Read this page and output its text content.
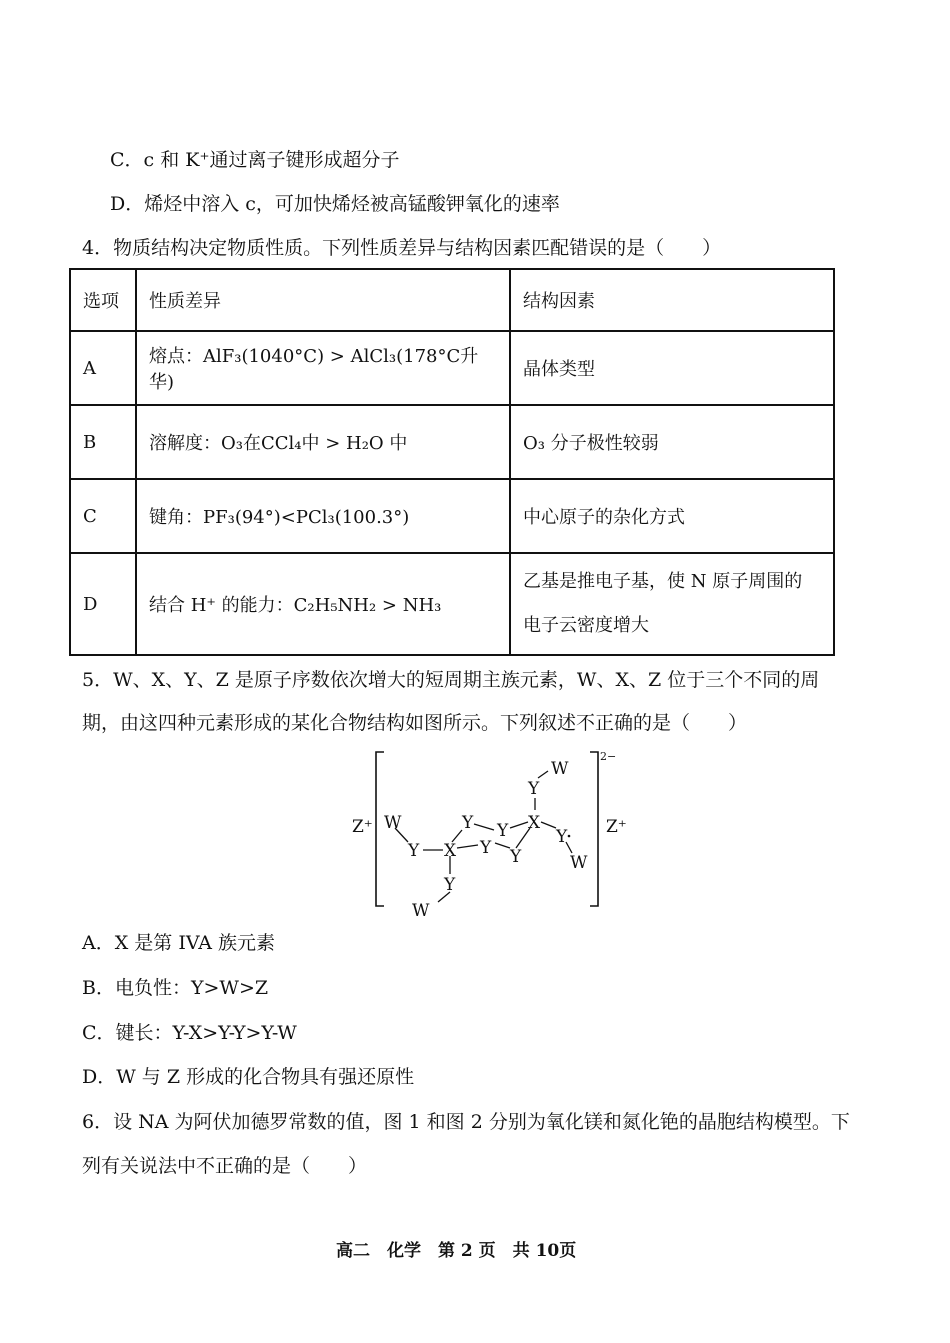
C．c 和 K⁺通过离子键形成超分子
D．烯烃中溶入 c，可加快烯烃被高锰酸钾氧化的速率
4．物质结构决定物质性质。下列性质差异与结构因素匹配错误的是（　　）
选项	性质差异	结构因素
A	熔点：AlF₃(1040°C) > AlCl₃(178°C升华)	晶体类型
B	溶解度：O₃在CCl₄中 > H₂O 中	O₃ 分子极性较弱
C	键角：PF₃(94°)<PCl₃(100.3°)	中心原子的杂化方式
D	结合 H⁺ 的能力：C₂H₅NH₂ > NH₃	乙基是推电子基，使 N 原子周围的
电子云密度增大
5．W、X、Y、Z 是原子序数依次增大的短周期主族元素，W、X、Z 位于三个不同的周
期，由这四种元素形成的某化合物结构如图所示。下列叙述不正确的是（　　）
Z⁺	Z⁺
2−
W
Y
W
Y
X
Y
Y
X
Y
Y
Y
W
W
Y
A．X 是第 IVA 族元素
B．电负性：Y>W>Z
C．键长：Y-X>Y-Y>Y-W
D．W 与 Z 形成的化合物具有强还原性
6．设 NA 为阿伏加德罗常数的值，图 1 和图 2 分别为氧化镁和氮化铯的晶胞结构模型。下
列有关说法中不正确的是（　　）
高二　化学　第 2 页　共 10页
